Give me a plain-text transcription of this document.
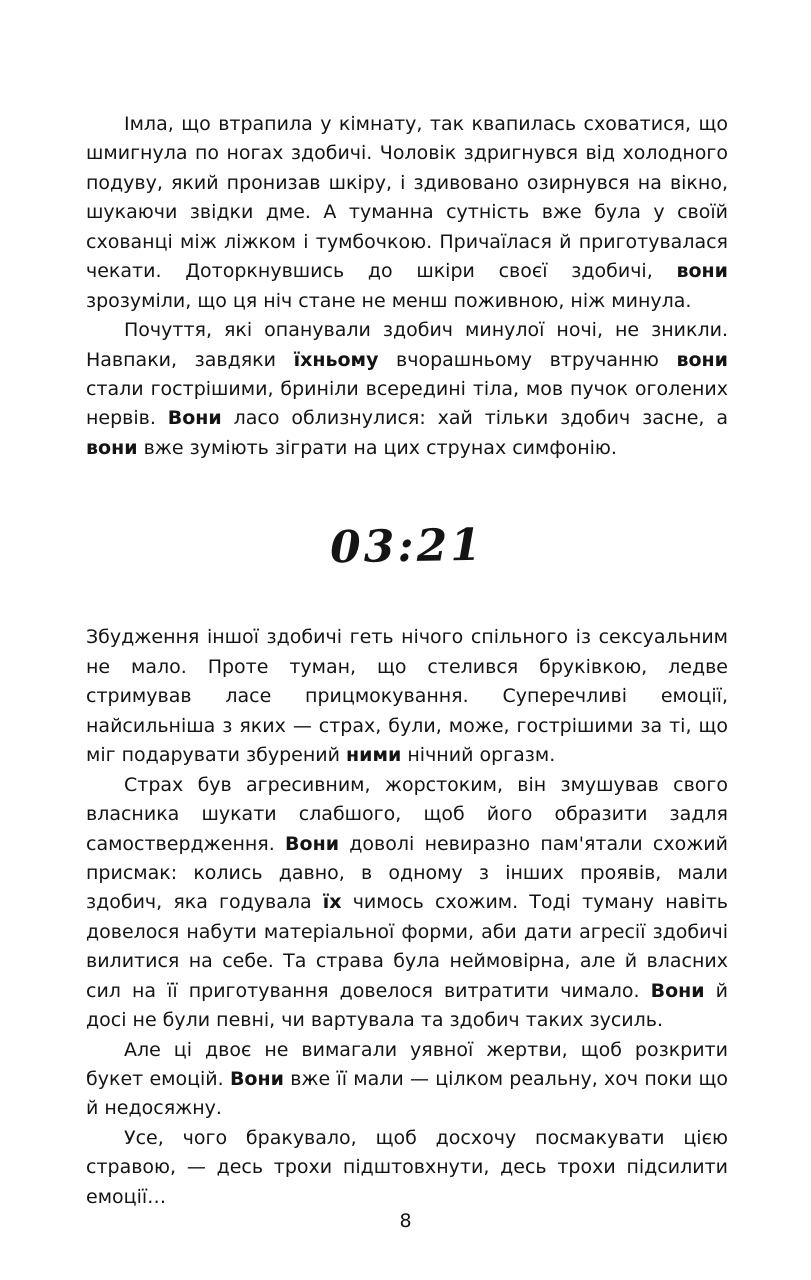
Імла, що втрапила у кімнату, так квапилась сховатися, що шмигнула по ногах здобичі. Чоловік здригнувся від холодного подуву, який пронизав шкіру, і здивовано озирнувся на вікно, шукаючи звідки дме. А туманна сутність вже була у своїй схованці між ліжком і тумбочкою. Причаїлася й приготувалася чекати. Доторкнувшись до шкіри своєї здобичі, вони зрозуміли, що ця ніч стане не менш поживною, ніж минула.

Почуття, які опанували здобич минулої ночі, не зникли. Навпаки, завдяки їхньому вчорашньому втручанню вони стали гострішими, бриніли всередині тіла, мов пучок оголених нервів. Вони ласо облизнулися: хай тільки здобич засне, а вони вже зуміють зіграти на цих струнах симфонію.

03:21

Збудження іншої здобичі геть нічого спільного із сексуальним не мало. Проте туман, що стелився бруківкою, ледве стримував ласе прицмокування. Суперечливі емоції, найсильніша з яких — страх, були, може, гострішими за ті, що міг подарувати збурений ними нічний оргазм.

Страх був агресивним, жорстоким, він змушував свого власника шукати слабшого, щоб його образити задля самоствердження. Вони доволі невиразно пам'ятали схожий присмак: колись давно, в одному з інших проявів, мали здобич, яка годувала їх чимось схожим. Тоді туману навіть довелося набути матеріальної форми, аби дати агресії здобичі вилитися на себе. Та страва була неймовірна, але й власних сил на її приготування довелося витратити чимало. Вони й досі не були певні, чи вартувала та здобич таких зусиль.

Але ці двоє не вимагали уявної жертви, щоб розкрити букет емоцій. Вони вже її мали — цілком реальну, хоч поки що й недосяжну.

Усе, чого бракувало, щоб досхочу посмакувати цією стравою, — десь трохи підштовхнути, десь трохи підсилити емоції…

8
